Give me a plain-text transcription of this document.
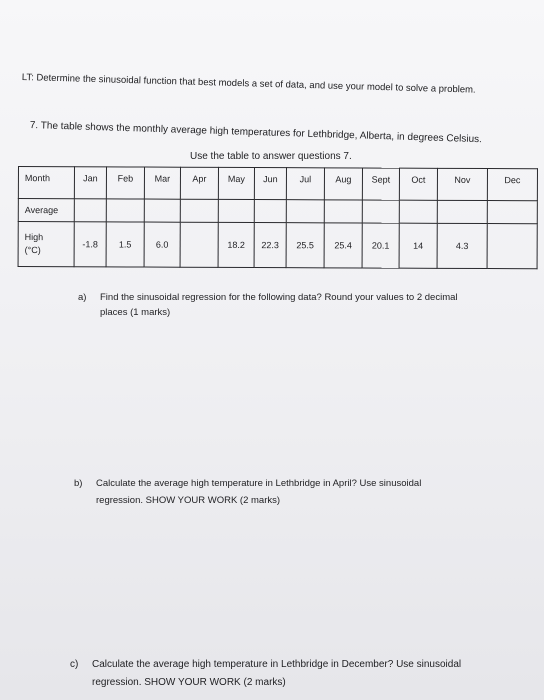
LT: Determine the sinusoidal function that best models a set of data, and use your model to solve a problem.
7. The table shows the monthly average high temperatures for Lethbridge, Alberta, in degrees Celsius.
Use the table to answer questions 7.
Month	Jan	Feb	Mar	Apr	May	Jun	Jul	Aug	Sept	Oct	Nov	Dec
Average												

High
(°C)	-1.8	1.5	6.0		18.2	22.3	25.5	25.4	20.1	14	4.3	
a) Find the sinusoidal regression for the following data? Round your values to 2 decimal
places (1 marks)
b) Calculate the average high temperature in Lethbridge in April? Use sinusoidal
regression. SHOW YOUR WORK (2 marks)
c) Calculate the average high temperature in Lethbridge in December? Use sinusoidal
regression. SHOW YOUR WORK (2 marks)
